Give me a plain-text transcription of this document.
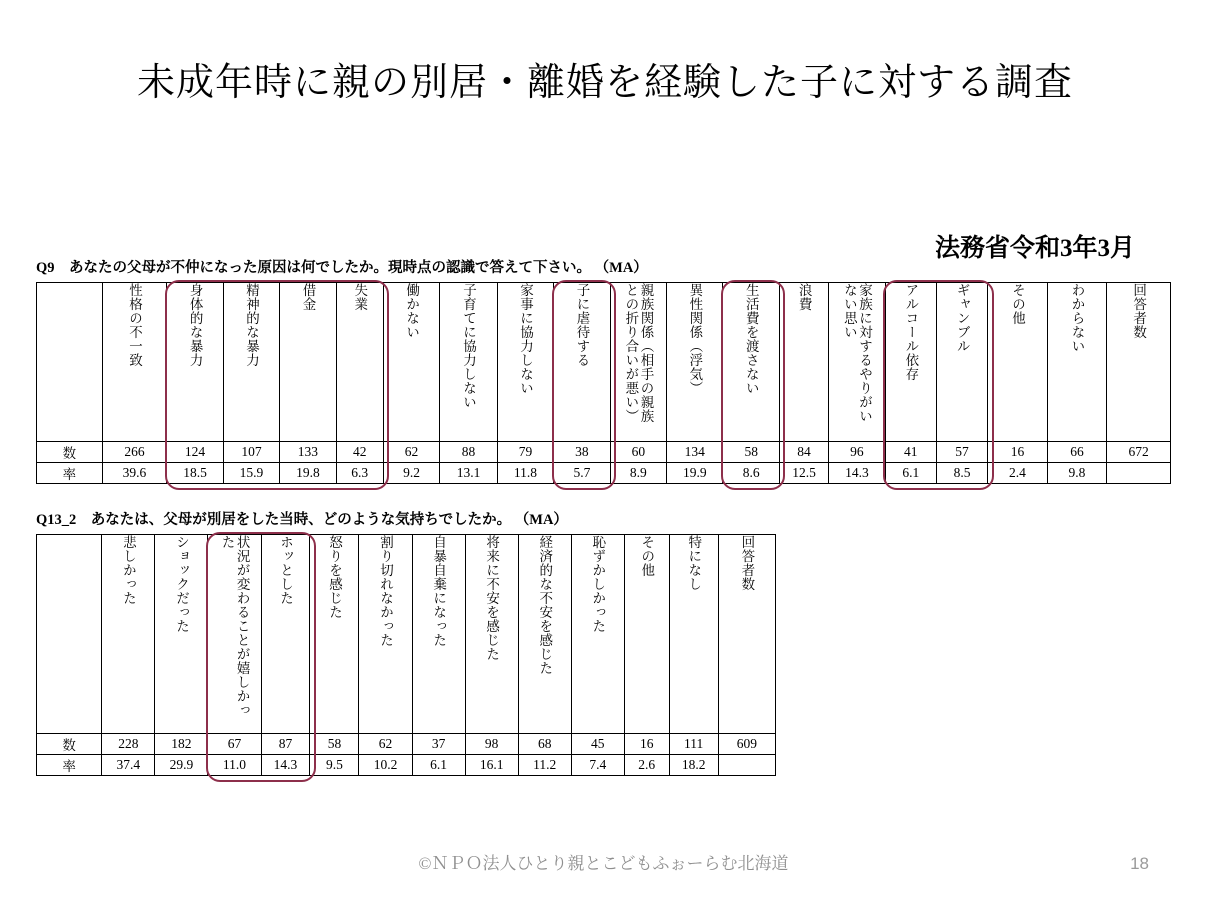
未成年時に親の別居・離婚を経験した子に対する調査
法務省令和3年3月
Q9　あなたの父母が不仲になった原因は何でしたか。現時点の認識で答えて下さい。 （MA）
	性格の不一致	身体的な暴力	精神的な暴力	借金	失業	働かない	子育てに協力しない	家事に協力しない	子に虐待する	親族関係（相手の親族との折り合いが悪い）	異性関係（浮気）	生活費を渡さない	浪費	家族に対するやりがいない思い	アルコール依存	ギャンブル	その他	わからない	回答者数
数	266	124	107	133	42	62	88	79	38	60	134	58	84	96	41	57	16	66	672
率	39.6	18.5	15.9	19.8	6.3	9.2	13.1	11.8	5.7	8.9	19.9	8.6	12.5	14.3	6.1	8.5	2.4	9.8	
Q13_2　あなたは、父母が別居をした当時、どのような気持ちでしたか。 （MA）
	悲しかった	ショックだった	状況が変わることが嬉しかった	ホッとした	怒りを感じた	割り切れなかった	自暴自棄になった	将来に不安を感じた	経済的な不安を感じた	恥ずかしかった	その他	特になし	回答者数
数	228	182	67	87	58	62	37	98	68	45	16	111	609
率	37.4	29.9	11.0	14.3	9.5	10.2	6.1	16.1	11.2	7.4	2.6	18.2	
©ＮＰＯ法人ひとり親とこどもふぉーらむ北海道	18
